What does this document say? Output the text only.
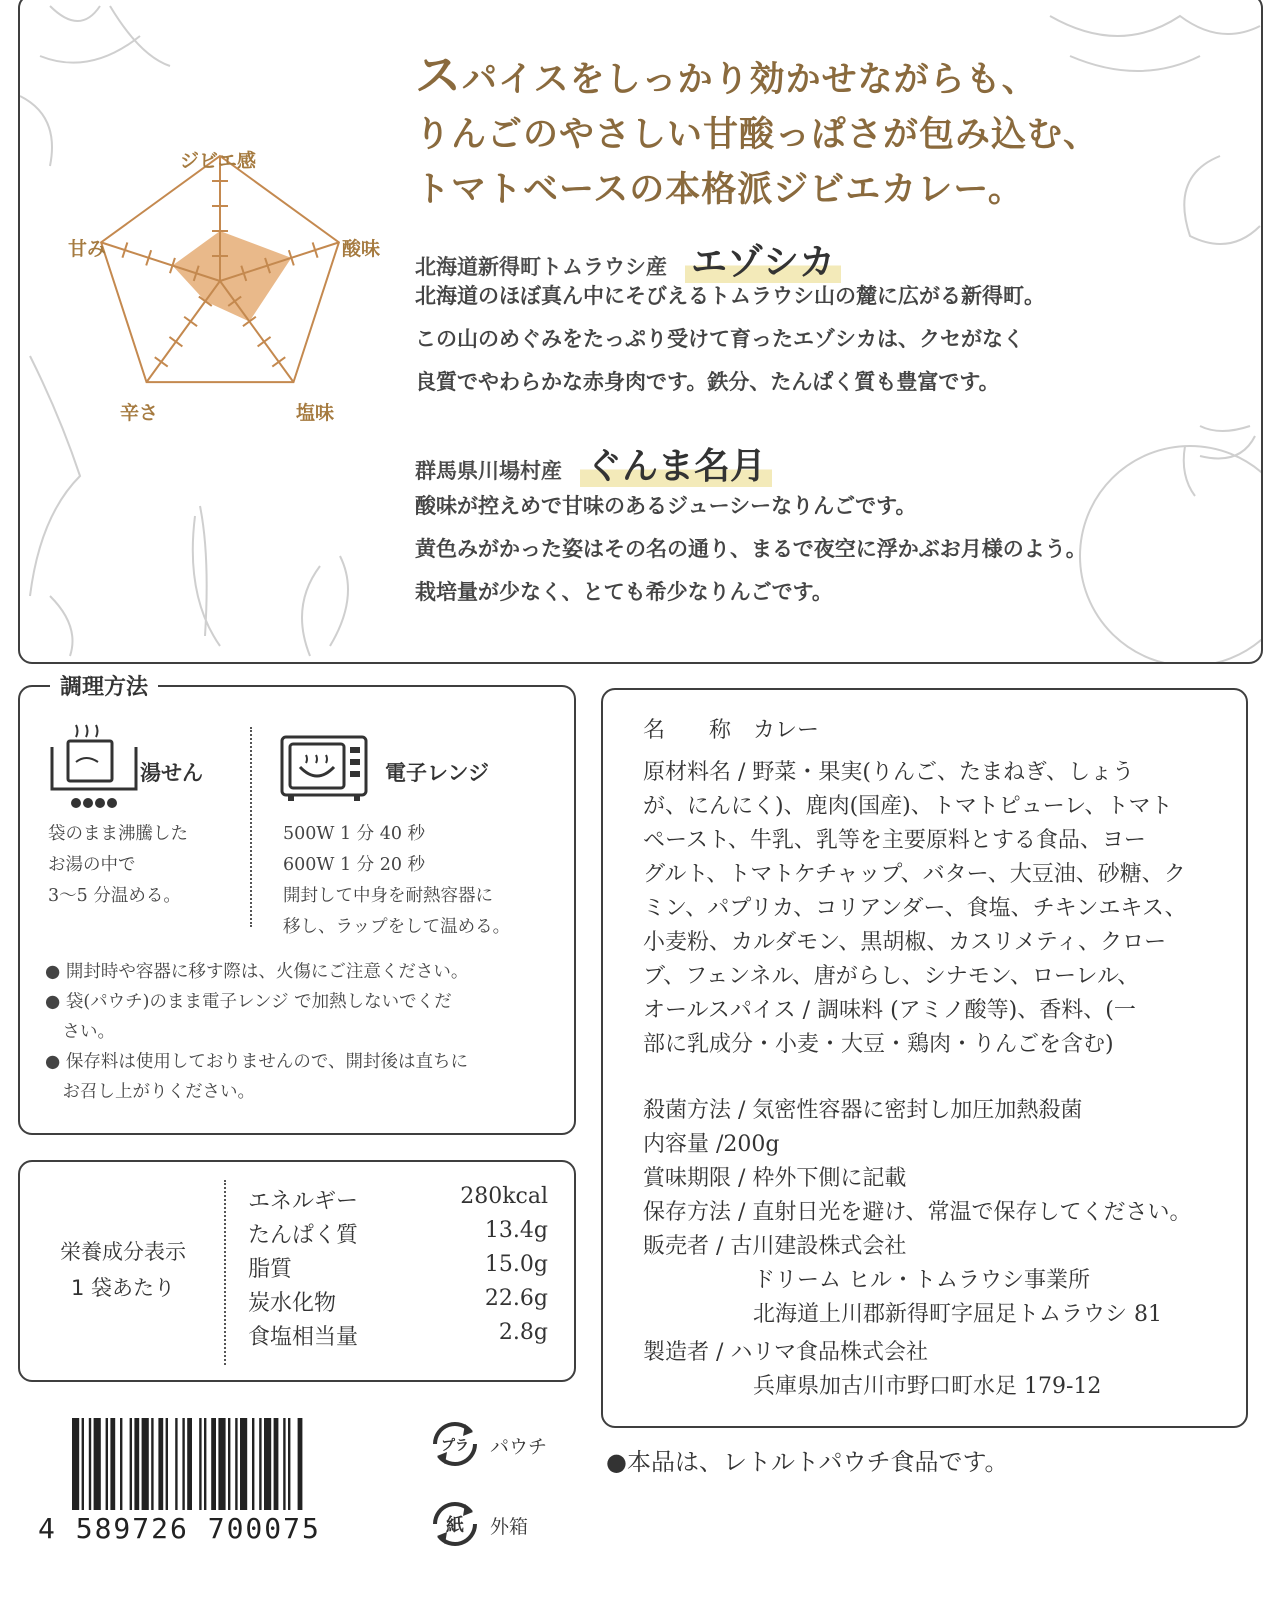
スパイスをしっかり効かせながらも、
りんごのやさしい甘酸っぱさが包み込む、
トマトベースの本格派ジビエカレー。
ジビエ感
酸味
塩味
辛さ
甘み
北海道新得町トムラウシ産 エゾシカ
北海道のほぼ真ん中にそびえるトムラウシ山の麓に広がる新得町。
この山のめぐみをたっぷり受けて育ったエゾシカは、クセがなく
良質でやわらかな赤身肉です。鉄分、たんぱく質も豊富です。
群馬県川場村産 ぐんま名月
酸味が控えめで甘味のあるジューシーなりんごです。
黄色みがかった姿はその名の通り、まるで夜空に浮かぶお月様のよう。
栽培量が少なく、とても希少なりんごです。
調理方法
湯せん	電子レンジ
袋のまま沸騰した
お湯の中で
3～5 分温める。
500W 1 分 40 秒
600W 1 分 20 秒
開封して中身を耐熱容器に
移し、ラップをして温める。
● 開封時や容器に移す際は、火傷にご注意ください。
● 袋(パウチ)のまま電子レンジ で加熱しないでくだ
　さい。
● 保存料は使用しておりませんので、開封後は直ちに
　お召し上がりください。
栄養成分表示
1 袋あたり
エネルギー	280kcal
たんぱく質	13.4g
脂質	15.0g
炭水化物	22.6g
食塩相当量	2.8g
名　　称　カレー
原材料名 / 野菜・果実(りんご、たまねぎ、しょう
が、にんにく)、鹿肉(国産)、トマトピューレ、トマト
ペースト、牛乳、乳等を主要原料とする食品、ヨー
グルト、トマトケチャップ、バター、大豆油、砂糖、ク
ミン、パプリカ、コリアンダー、食塩、チキンエキス、
小麦粉、カルダモン、黒胡椒、カスリメティ、クロー
ブ、フェンネル、唐がらし、シナモン、ローレル、
オールスパイス / 調味料 (アミノ酸等)、香料、(一
部に乳成分・小麦・大豆・鶏肉・りんごを含む)
殺菌方法 / 気密性容器に密封し加圧加熱殺菌
内容量 /200g
賞味期限 / 枠外下側に記載
保存方法 / 直射日光を避け、常温で保存してください。
販売者 / 古川建設株式会社
ドリーム ヒル・トムラウシ事業所
北海道上川郡新得町字屈足トムラウシ 81
製造者 / ハリマ食品株式会社
兵庫県加古川市野口町水足 179-12
●本品は、レトルトパウチ食品です。
4 589726 700075
プラ パウチ
紙 外箱
